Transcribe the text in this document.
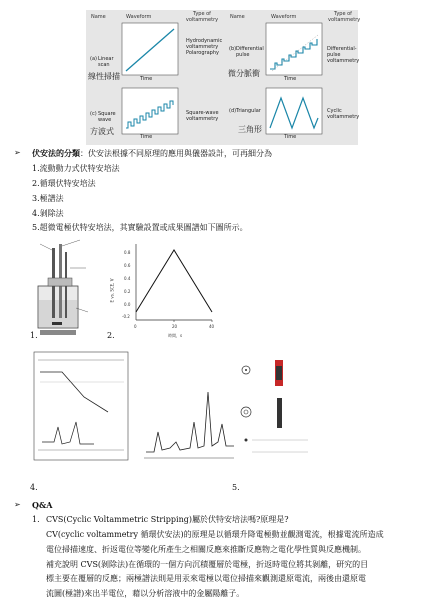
Name	Waveform	Type of voltammetry	Name	Waveform	Type of voltammetry
(a) Linear scan
線性掃描	Time
Hydrodynamic voltammetry
Polarography
(b) Differential pulse
微分脈衝
Time
Differential-pulse voltammetry
(c) Square wave
方波式
Time
Square-wave voltammetry
(d) Triangular
三角形
Time
Cyclic voltammetry
➢ 伏安法的分類：伏安法根據不同原理的應用與儀器設計，可再細分為
1.流動動力式伏特安培法
2.循環伏特安培法
3.極譜法
4.剝除法
5.超微電極伏特安培法，其實驗設置或成果圖譜如下圖所示。
1.
0.8
0.6
0.4
0.2
0.0
-0.2
E vs. SCE, V
0	20	40
時間，s
2.
4.	5.
➢ Q&A
1. CVS(Cyclic Voltammetric Stripping)屬於伏特安培法嗎?原理是?
CV(cyclic voltammetry 循環伏安法)的原理是以循環升降電極動並觀測電流，根據電流所造成
電位掃描速度、折返電位等變化所產生之相關反應來推斷反應物之電化學性質與反應機制。
補充說明 CVS(剝除法)在循環的一個方向沉積覆層於電極，折返時電位將其剝離，研究的目
標主要在覆層的反應；兩極譜法則是用汞來電極以電位掃描來觀測還原電流，兩後由還原電
流圖(極譜)來出半電位，藉以分析溶液中的金屬陽離子。
